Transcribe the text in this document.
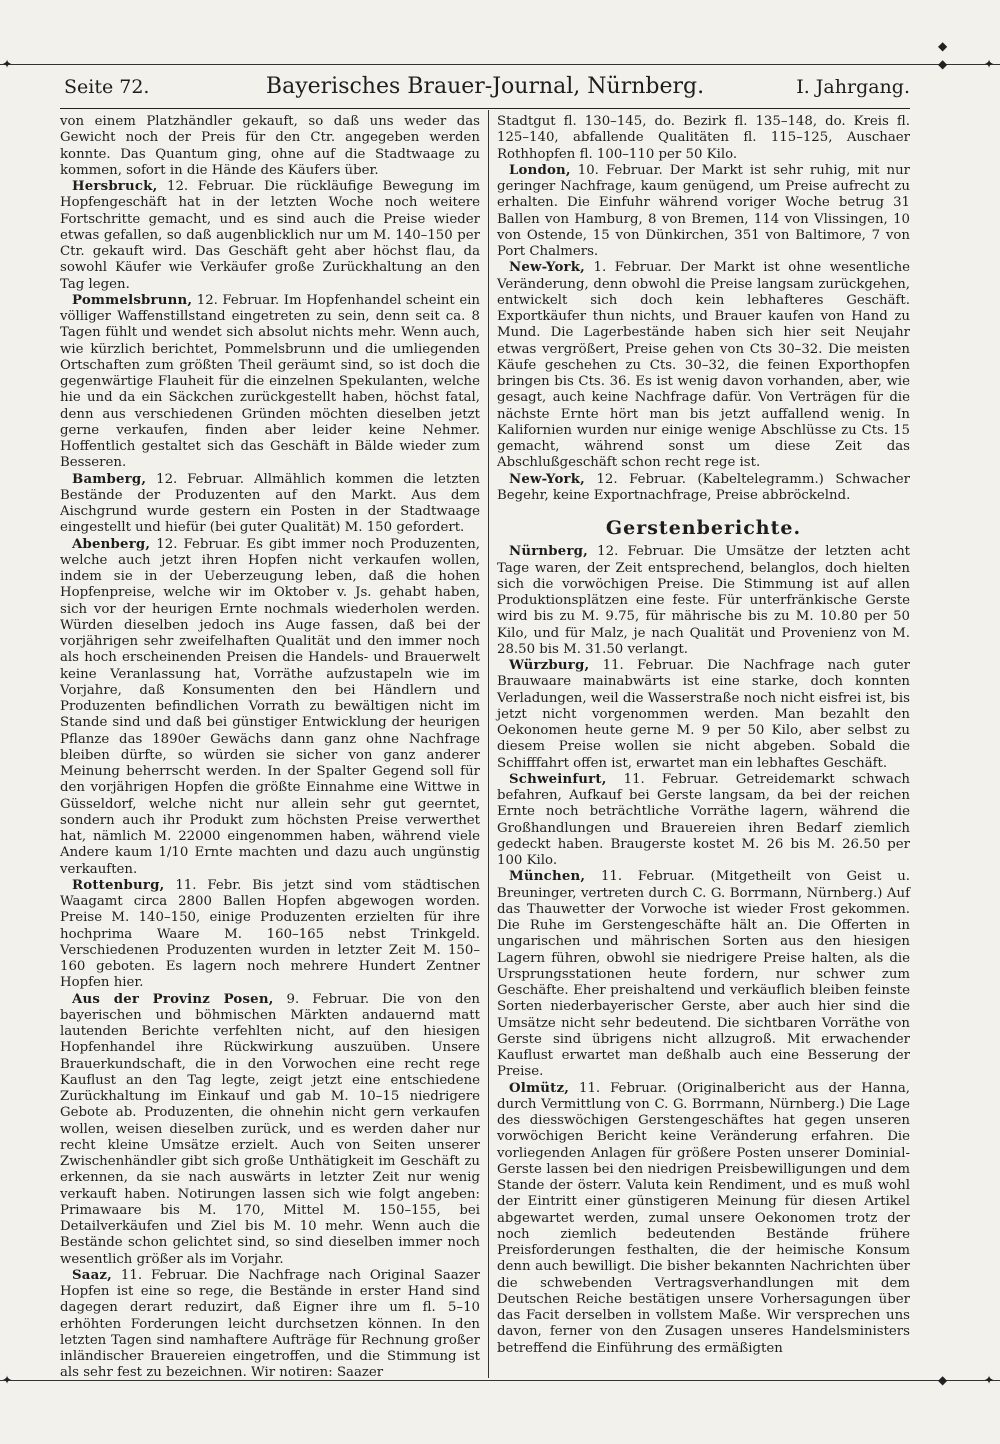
✦	◆	✦
◆
✦	◆	✦
Seite 72.	Bayerisches Brauer-Journal, Nürnberg.	I. Jahrgang.

von einem Platzhändler gekauft, so daß uns weder das Gewicht noch der Preis für den Ctr. angegeben werden konnte. Das Quantum ging, ohne auf die Stadtwaage zu kommen, sofort in die Hände des Käufers über.

Hersbruck, 12. Februar. Die rückläufige Bewegung im Hopfengeschäft hat in der letzten Woche noch weitere Fortschritte gemacht, und es sind auch die Preise wieder etwas gefallen, so daß augenblicklich nur um M. 140–150 per Ctr. gekauft wird. Das Geschäft geht aber höchst flau, da sowohl Käufer wie Verkäufer große Zurückhaltung an den Tag legen.

Pommelsbrunn, 12. Februar. Im Hopfenhandel scheint ein völliger Waffenstillstand eingetreten zu sein, denn seit ca. 8 Tagen fühlt und wendet sich absolut nichts mehr. Wenn auch, wie kürzlich berichtet, Pommelsbrunn und die umliegenden Ortschaften zum größten Theil geräumt sind, so ist doch die gegenwärtige Flauheit für die einzelnen Spekulanten, welche hie und da ein Säckchen zurückgestellt haben, höchst fatal, denn aus verschiedenen Gründen möchten dieselben jetzt gerne verkaufen, finden aber leider keine Nehmer. Hoffentlich gestaltet sich das Geschäft in Bälde wieder zum Besseren.

Bamberg, 12. Februar. Allmählich kommen die letzten Bestände der Produzenten auf den Markt. Aus dem Aischgrund wurde gestern ein Posten in der Stadtwaage eingestellt und hiefür (bei guter Qualität) M. 150 gefordert.

Abenberg, 12. Februar. Es gibt immer noch Produzenten, welche auch jetzt ihren Hopfen nicht verkaufen wollen, indem sie in der Ueberzeugung leben, daß die hohen Hopfenpreise, welche wir im Oktober v. Js. gehabt haben, sich vor der heurigen Ernte nochmals wiederholen werden. Würden dieselben jedoch ins Auge fassen, daß bei der vorjährigen sehr zweifelhaften Qualität und den immer noch als hoch erscheinenden Preisen die Handels- und Brauerwelt keine Veranlassung hat, Vorräthe aufzustapeln wie im Vorjahre, daß Konsumenten den bei Händlern und Produzenten befindlichen Vorrath zu bewältigen nicht im Stande sind und daß bei günstiger Entwicklung der heurigen Pflanze das 1890er Gewächs dann ganz ohne Nachfrage bleiben dürfte, so würden sie sicher von ganz anderer Meinung beherrscht werden. In der Spalter Gegend soll für den vorjährigen Hopfen die größte Einnahme eine Wittwe in Güsseldorf, welche nicht nur allein sehr gut geerntet, sondern auch ihr Produkt zum höchsten Preise verwerthet hat, nämlich M. 22000 eingenommen haben, während viele Andere kaum 1/10 Ernte machten und dazu auch ungünstig verkauften.

Rottenburg, 11. Febr. Bis jetzt sind vom städtischen Waagamt circa 2800 Ballen Hopfen abgewogen worden. Preise M. 140–150, einige Produzenten erzielten für ihre hochprima Waare M. 160–165 nebst Trinkgeld. Verschiedenen Produzenten wurden in letzter Zeit M. 150–160 geboten. Es lagern noch mehrere Hundert Zentner Hopfen hier.

Aus der Provinz Posen, 9. Februar. Die von den bayerischen und böhmischen Märkten andauernd matt lautenden Berichte verfehlten nicht, auf den hiesigen Hopfenhandel ihre Rückwirkung auszuüben. Unsere Brauerkundschaft, die in den Vorwochen eine recht rege Kauflust an den Tag legte, zeigt jetzt eine entschiedene Zurückhaltung im Einkauf und gab M. 10–15 niedrigere Gebote ab. Produzenten, die ohnehin nicht gern verkaufen wollen, weisen dieselben zurück, und es werden daher nur recht kleine Umsätze erzielt. Auch von Seiten unserer Zwischenhändler gibt sich große Unthätigkeit im Geschäft zu erkennen, da sie nach auswärts in letzter Zeit nur wenig verkauft haben. Notirungen lassen sich wie folgt angeben: Primawaare bis M. 170, Mittel M. 150–155, bei Detailverkäufen und Ziel bis M. 10 mehr. Wenn auch die Bestände schon gelichtet sind, so sind dieselben immer noch wesentlich größer als im Vorjahr.

Saaz, 11. Februar. Die Nachfrage nach Original Saazer Hopfen ist eine so rege, die Bestände in erster Hand sind dagegen derart reduzirt, daß Eigner ihre um fl. 5–10 erhöhten Forderungen leicht durchsetzen können. In den letzten Tagen sind namhaftere Aufträge für Rechnung großer inländischer Brauereien eingetroffen, und die Stimmung ist als sehr fest zu bezeichnen. Wir notiren: Saazer

Stadtgut fl. 130–145, do. Bezirk fl. 135–148, do. Kreis fl. 125–140, abfallende Qualitäten fl. 115–125, Auschaer Rothhopfen fl. 100–110 per 50 Kilo.

London, 10. Februar. Der Markt ist sehr ruhig, mit nur geringer Nachfrage, kaum genügend, um Preise aufrecht zu erhalten. Die Einfuhr während voriger Woche betrug 31 Ballen von Hamburg, 8 von Bremen, 114 von Vlissingen, 10 von Ostende, 15 von Dünkirchen, 351 von Baltimore, 7 von Port Chalmers.

New-York, 1. Februar. Der Markt ist ohne wesentliche Veränderung, denn obwohl die Preise langsam zurückgehen, entwickelt sich doch kein lebhafteres Geschäft. Exportkäufer thun nichts, und Brauer kaufen von Hand zu Mund. Die Lagerbestände haben sich hier seit Neujahr etwas vergrößert, Preise gehen von Cts 30–32. Die meisten Käufe geschehen zu Cts. 30–32, die feinen Exporthopfen bringen bis Cts. 36. Es ist wenig davon vorhanden, aber, wie gesagt, auch keine Nachfrage dafür. Von Verträgen für die nächste Ernte hört man bis jetzt auffallend wenig. In Kalifornien wurden nur einige wenige Abschlüsse zu Cts. 15 gemacht, während sonst um diese Zeit das Abschlußgeschäft schon recht rege ist.

New-York, 12. Februar. (Kabeltelegramm.) Schwacher Begehr, keine Exportnachfrage, Preise abbröckelnd.

Gerstenberichte.

Nürnberg, 12. Februar. Die Umsätze der letzten acht Tage waren, der Zeit entsprechend, belanglos, doch hielten sich die vorwöchigen Preise. Die Stimmung ist auf allen Produktionsplätzen eine feste. Für unterfränkische Gerste wird bis zu M. 9.75, für mährische bis zu M. 10.80 per 50 Kilo, und für Malz, je nach Qualität und Provenienz von M. 28.50 bis M. 31.50 verlangt.

Würzburg, 11. Februar. Die Nachfrage nach guter Brauwaare mainabwärts ist eine starke, doch konnten Verladungen, weil die Wasserstraße noch nicht eisfrei ist, bis jetzt nicht vorgenommen werden. Man bezahlt den Oekonomen heute gerne M. 9 per 50 Kilo, aber selbst zu diesem Preise wollen sie nicht abgeben. Sobald die Schifffahrt offen ist, erwartet man ein lebhaftes Geschäft.

Schweinfurt, 11. Februar. Getreidemarkt schwach befahren, Aufkauf bei Gerste langsam, da bei der reichen Ernte noch beträchtliche Vorräthe lagern, während die Großhandlungen und Brauereien ihren Bedarf ziemlich gedeckt haben. Braugerste kostet M. 26 bis M. 26.50 per 100 Kilo.

München, 11. Februar. (Mitgetheilt von Geist u. Breuninger, vertreten durch C. G. Borrmann, Nürnberg.) Auf das Thauwetter der Vorwoche ist wieder Frost gekommen. Die Ruhe im Gerstengeschäfte hält an. Die Offerten in ungarischen und mährischen Sorten aus den hiesigen Lagern führen, obwohl sie niedrigere Preise halten, als die Ursprungsstationen heute fordern, nur schwer zum Geschäfte. Eher preishaltend und verkäuflich bleiben feinste Sorten niederbayerischer Gerste, aber auch hier sind die Umsätze nicht sehr bedeutend. Die sichtbaren Vorräthe von Gerste sind übrigens nicht allzugroß. Mit erwachender Kauflust erwartet man deßhalb auch eine Besserung der Preise.

Olmütz, 11. Februar. (Originalbericht aus der Hanna, durch Vermittlung von C. G. Borrmann, Nürnberg.) Die Lage des diesswöchigen Gerstengeschäftes hat gegen unseren vorwöchigen Bericht keine Veränderung erfahren. Die vorliegenden Anlagen für größere Posten unserer Dominial-Gerste lassen bei den niedrigen Preisbewilligungen und dem Stande der österr. Valuta kein Rendiment, und es muß wohl der Eintritt einer günstigeren Meinung für diesen Artikel abgewartet werden, zumal unsere Oekonomen trotz der noch ziemlich bedeutenden Bestände frühere Preisforderungen festhalten, die der heimische Konsum denn auch bewilligt. Die bisher bekannten Nachrichten über die schwebenden Vertragsverhandlungen mit dem Deutschen Reiche bestätigen unsere Vorhersagungen über das Facit derselben in vollstem Maße. Wir versprechen uns davon, ferner von den Zusagen unseres Handelsministers betreffend die Einführung des ermäßigten
